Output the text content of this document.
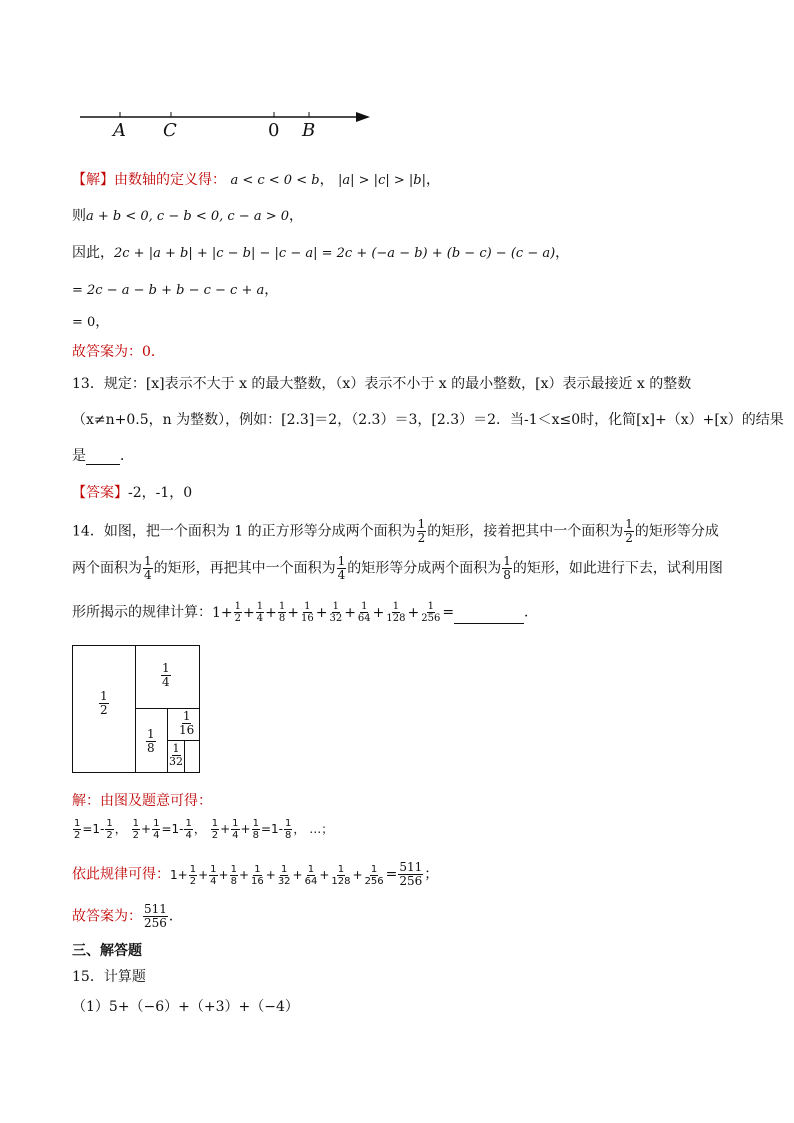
A C	0 B
【解】由数轴的定义得： a < c < 0 < b， |a| > |c| > |b|，
则a + b < 0, c − b < 0, c − a > 0，
因此，2c + |a + b| + |c − b| − |c − a| = 2c + (−a − b) + (b − c) − (c − a)，
= 2c − a − b + b − c − c + a，
= 0，
故答案为：0．
13．规定：[x]表示不大于 x 的最大整数，（x）表示不小于 x 的最小整数，[x）表示最接近 x 的整数
（x≠n+0.5，n 为整数），例如：[2.3]＝2，（2.3）＝3，[2.3）＝2．当-1＜x≤0时，化简[x]+（x）+[x）的结果
是 ．
【答案】-2，-1，0
14．如图，把一个面积为 1 的正方形等分成两个面积为 $\frac{1}{2}$ 的矩形，接着把其中一个面积为 $\frac{1}{2}$ 的矩形等分成
两个面积为 $\frac{1}{4}$ 的矩形，再把其中一个面积为 $\frac{1}{4}$ 的矩形等分成两个面积为 $\frac{1}{8}$ 的矩形，如此进行下去，试利用图
形所揭示的规律计算：$1+ \frac{1}{2} + \frac{1}{4} + \frac{1}{8} + \frac{1}{16} + \frac{1}{32} + \frac{1}{64} + \frac{1}{128} + \frac{1}{256}$ =	．
$\frac{1}{2}$
$\frac{1}{4}$
$\frac{1}{8}$
$\frac{1}{16}$
$\frac{1}{32}$
解：由图及题意可得：
$\frac{1}{2} =1- \frac{1}{2}$ ， $\frac{1}{2} + \frac{1}{4} =1- \frac{1}{4}$ ， $\frac{1}{2} + \frac{1}{4} + \frac{1}{8} =1- \frac{1}{8}$ ， …；
依此规律可得：$1+ \frac{1}{2} + \frac{1}{4} + \frac{1}{8} + \frac{1}{16} + \frac{1}{32} + \frac{1}{64} + \frac{1}{128} + \frac{1}{256} = \frac{511}{256}$ ；
故答案为： $\frac{511}{256}$ ．
三、解答题
15．计算题
（1）5+（−6）+（+3）+（−4）
